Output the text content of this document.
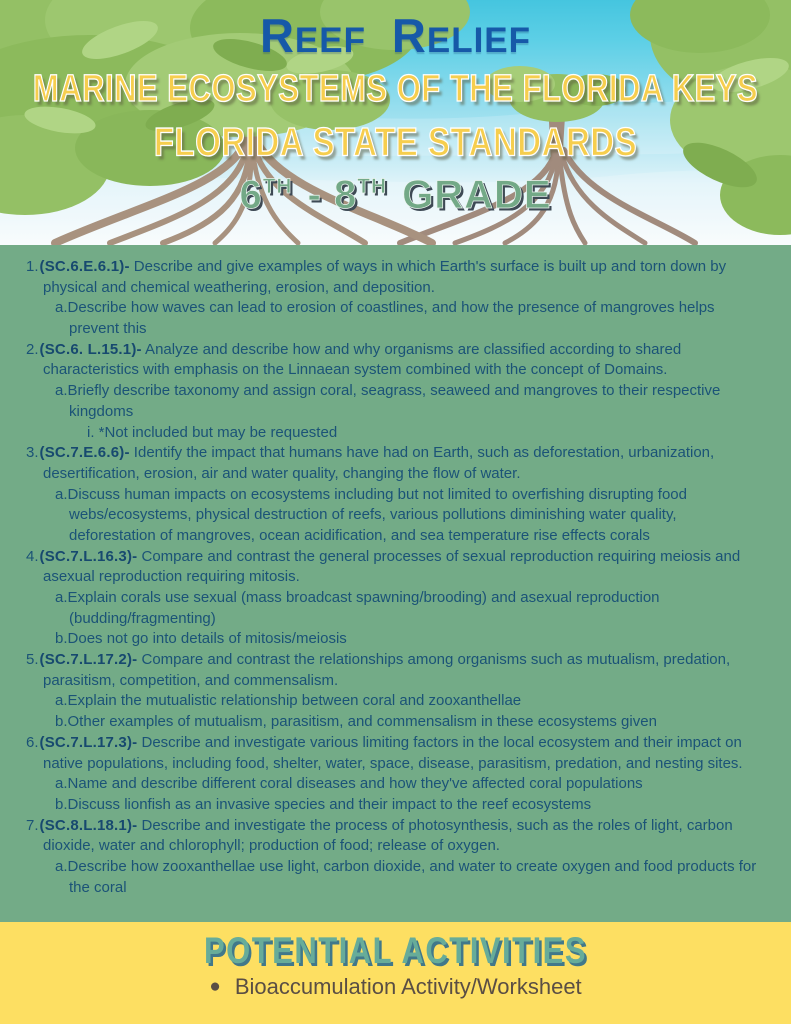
REEF RELIEF
MARINE ECOSYSTEMS OF THE FLORIDA KEYS
FLORIDA STATE STANDARDS
6TH - 8TH GRADE
1.(SC.6.E.6.1)- Describe and give examples of ways in which Earth's surface is built up and torn down by physical and chemical weathering, erosion, and deposition.
a.Describe how waves can lead to erosion of coastlines, and how the presence of mangroves helps prevent this
2.(SC.6. L.15.1)- Analyze and describe how and why organisms are classified according to shared characteristics with emphasis on the Linnaean system combined with the concept of Domains.
a.Briefly describe taxonomy and assign coral, seagrass, seaweed and mangroves to their respective kingdoms
i. *Not included but may be requested
3.(SC.7.E.6.6)- Identify the impact that humans have had on Earth, such as deforestation, urbanization, desertification, erosion, air and water quality, changing the flow of water.
a.Discuss human impacts on ecosystems including but not limited to overfishing disrupting food webs/ecosystems, physical destruction of reefs, various pollutions diminishing water quality, deforestation of mangroves, ocean acidification, and sea temperature rise effects corals
4.(SC.7.L.16.3)- Compare and contrast the general processes of sexual reproduction requiring meiosis and asexual reproduction requiring mitosis.
a.Explain corals use sexual (mass broadcast spawning/brooding) and asexual reproduction (budding/fragmenting)
b.Does not go into details of mitosis/meiosis
5.(SC.7.L.17.2)- Compare and contrast the relationships among organisms such as mutualism, predation, parasitism, competition, and commensalism.
a.Explain the mutualistic relationship between coral and zooxanthellae
b.Other examples of mutualism, parasitism, and commensalism in these ecosystems given
6.(SC.7.L.17.3)- Describe and investigate various limiting factors in the local ecosystem and their impact on native populations, including food, shelter, water, space, disease, parasitism, predation, and nesting sites.
a.Name and describe different coral diseases and how they've affected coral populations
b.Discuss lionfish as an invasive species and their impact to the reef ecosystems
7.(SC.8.L.18.1)- Describe and investigate the process of photosynthesis, such as the roles of light, carbon dioxide, water and chlorophyll; production of food; release of oxygen.
a.Describe how zooxanthellae use light, carbon dioxide, and water to create oxygen and food products for the coral
POTENTIAL ACTIVITIES
● Bioaccumulation Activity/Worksheet
